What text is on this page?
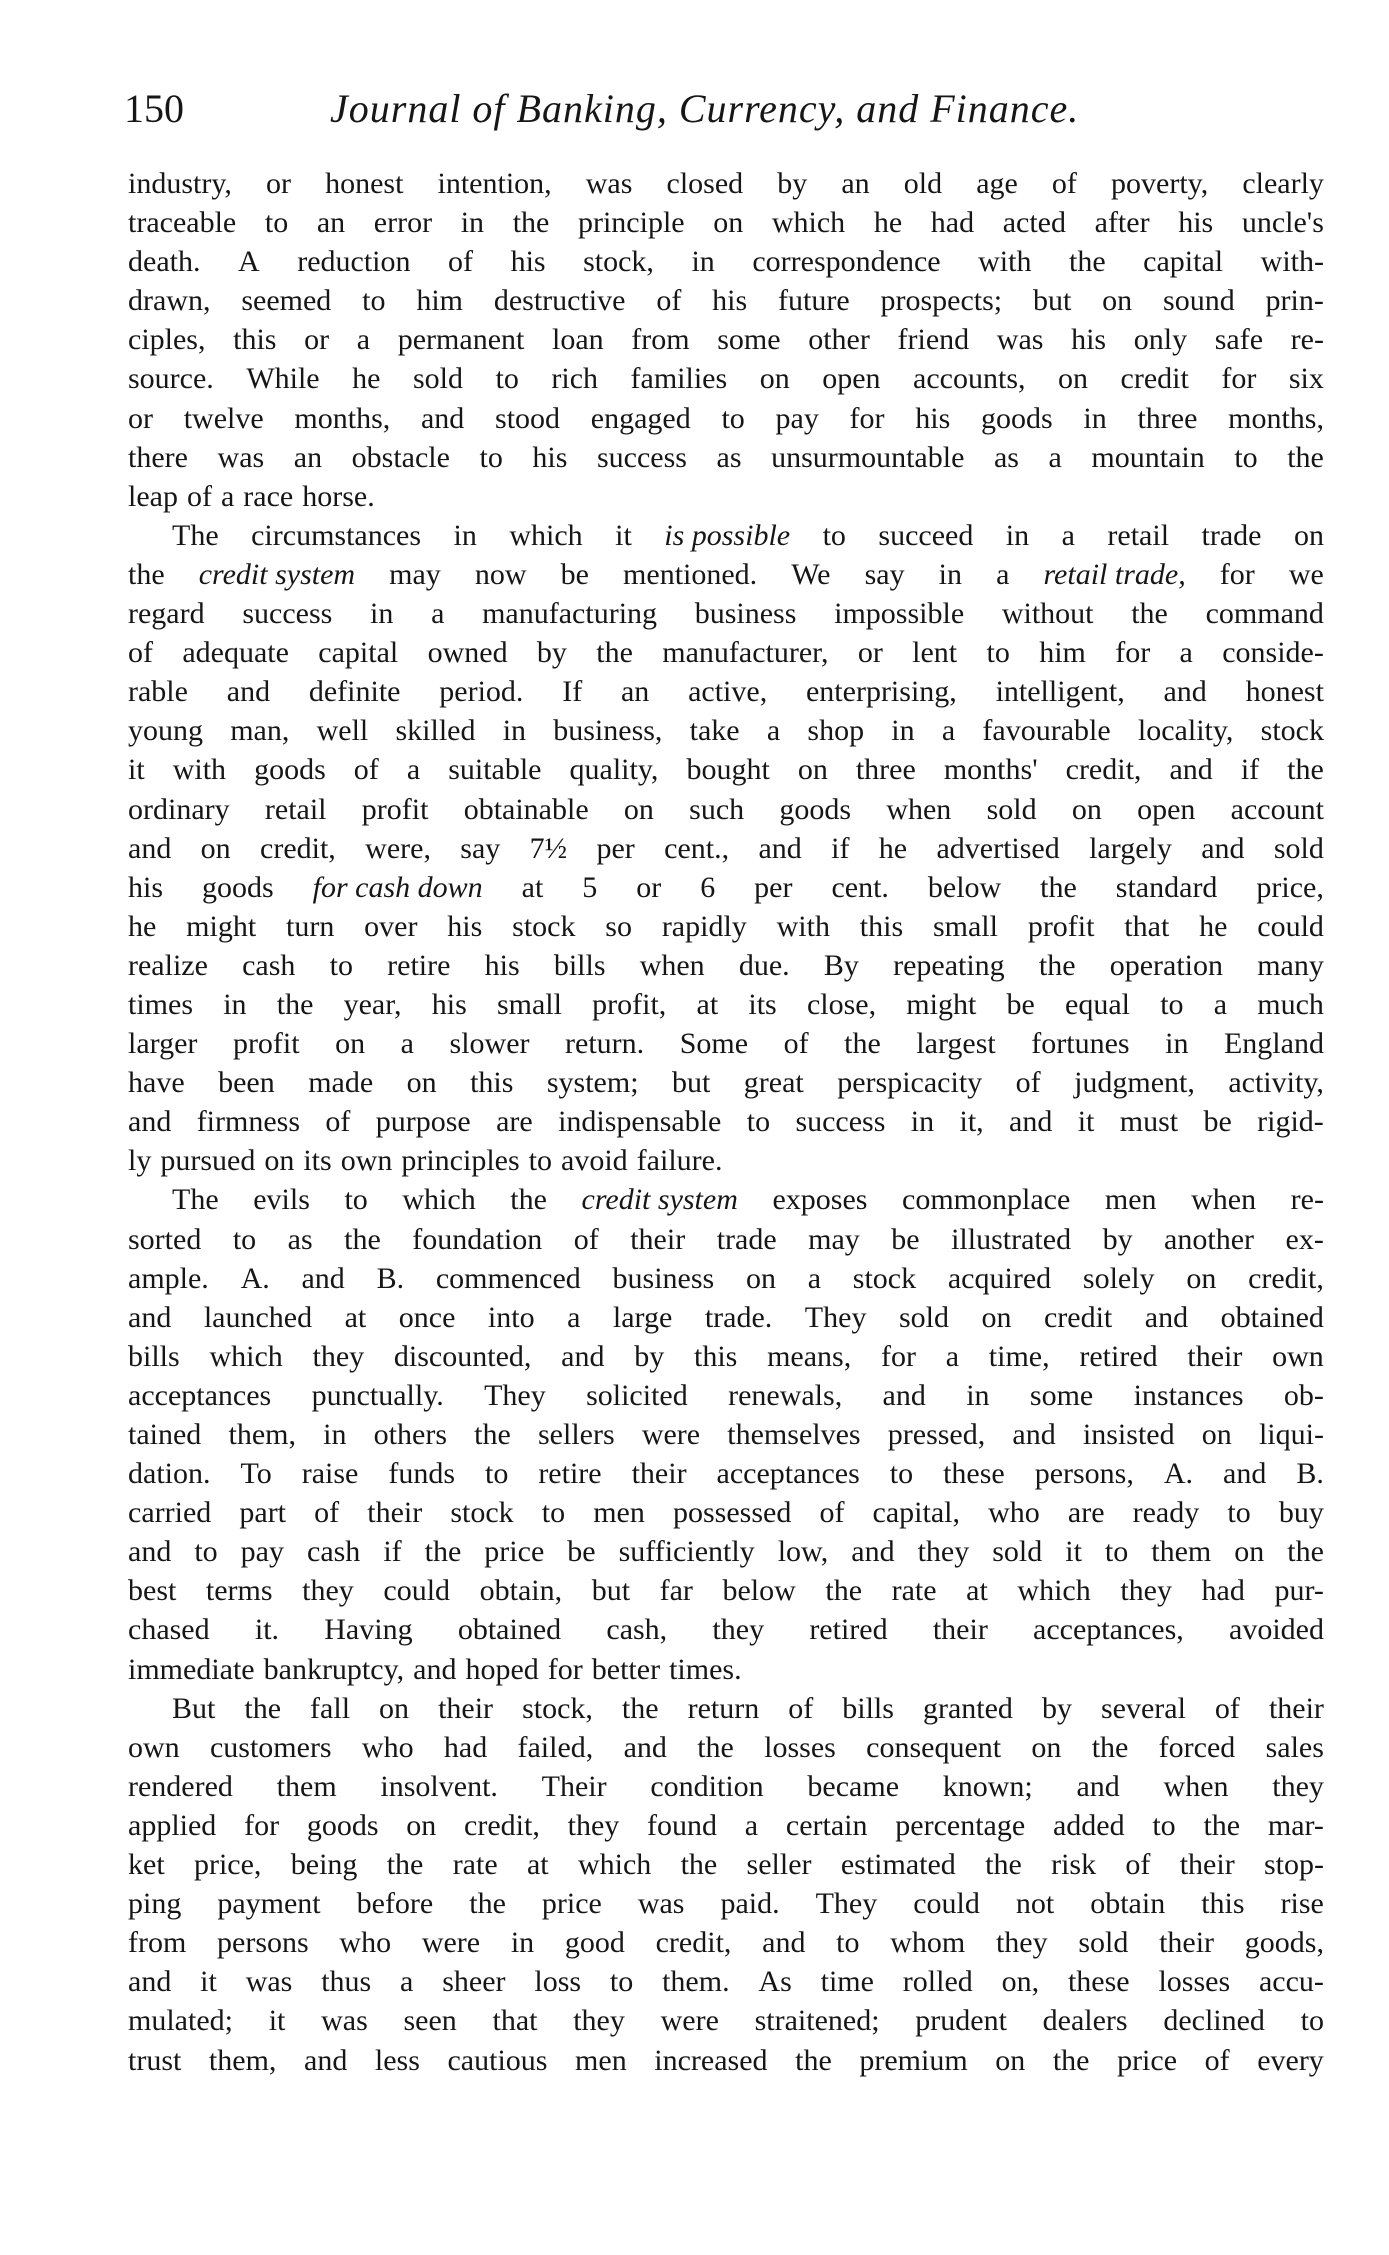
150	Journal of Banking, Currency, and Finance.
industry, or honest intention, was closed by an old age of poverty, clearly
traceable to an error in the principle on which he had acted after his uncle's
death. A reduction of his stock, in correspondence with the capital with-
drawn, seemed to him destructive of his future prospects; but on sound prin-
ciples, this or a permanent loan from some other friend was his only safe re-
source. While he sold to rich families on open accounts, on credit for six
or twelve months, and stood engaged to pay for his goods in three months,
there was an obstacle to his success as unsurmountable as a mountain to the
leap of a race horse.
The circumstances in which it is possible to succeed in a retail trade on
the credit system may now be mentioned. We say in a retail trade, for we
regard success in a manufacturing business impossible without the command
of adequate capital owned by the manufacturer, or lent to him for a conside-
rable and definite period. If an active, enterprising, intelligent, and honest
young man, well skilled in business, take a shop in a favourable locality, stock
it with goods of a suitable quality, bought on three months' credit, and if the
ordinary retail profit obtainable on such goods when sold on open account
and on credit, were, say 7½ per cent., and if he advertised largely and sold
his goods for cash down at 5 or 6 per cent. below the standard price,
he might turn over his stock so rapidly with this small profit that he could
realize cash to retire his bills when due. By repeating the operation many
times in the year, his small profit, at its close, might be equal to a much
larger profit on a slower return. Some of the largest fortunes in England
have been made on this system; but great perspicacity of judgment, activity,
and firmness of purpose are indispensable to success in it, and it must be rigid-
ly pursued on its own principles to avoid failure.
The evils to which the credit system exposes commonplace men when re-
sorted to as the foundation of their trade may be illustrated by another ex-
ample. A. and B. commenced business on a stock acquired solely on credit,
and launched at once into a large trade. They sold on credit and obtained
bills which they discounted, and by this means, for a time, retired their own
acceptances punctually. They solicited renewals, and in some instances ob-
tained them, in others the sellers were themselves pressed, and insisted on liqui-
dation. To raise funds to retire their acceptances to these persons, A. and B.
carried part of their stock to men possessed of capital, who are ready to buy
and to pay cash if the price be sufficiently low, and they sold it to them on the
best terms they could obtain, but far below the rate at which they had pur-
chased it. Having obtained cash, they retired their acceptances, avoided
immediate bankruptcy, and hoped for better times.
But the fall on their stock, the return of bills granted by several of their
own customers who had failed, and the losses consequent on the forced sales
rendered them insolvent. Their condition became known; and when they
applied for goods on credit, they found a certain percentage added to the mar-
ket price, being the rate at which the seller estimated the risk of their stop-
ping payment before the price was paid. They could not obtain this rise
from persons who were in good credit, and to whom they sold their goods,
and it was thus a sheer loss to them. As time rolled on, these losses accu-
mulated; it was seen that they were straitened; prudent dealers declined to
trust them, and less cautious men increased the premium on the price of every
